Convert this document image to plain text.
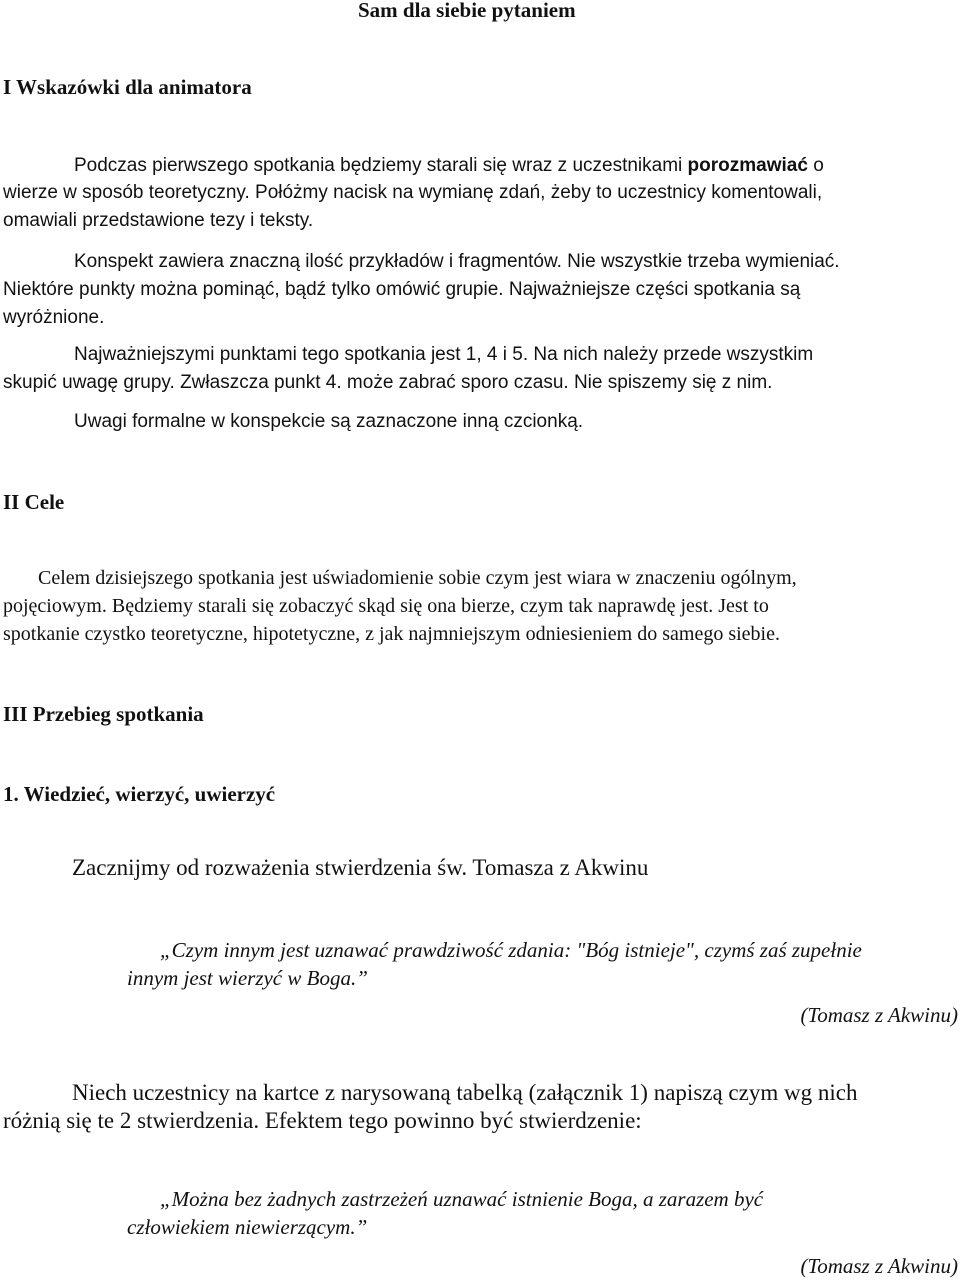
Sam dla siebie pytaniem
I Wskazówki dla animatora
Podczas pierwszego spotkania będziemy starali się wraz z uczestnikami porozmawiać o
wierze w sposób teoretyczny. Połóżmy nacisk na wymianę zdań, żeby to uczestnicy komentowali,
omawiali przedstawione tezy i teksty.
Konspekt zawiera znaczną ilość przykładów i fragmentów. Nie wszystkie trzeba wymieniać.
Niektóre punkty można pominąć, bądź tylko omówić grupie. Najważniejsze części spotkania są
wyróżnione.
Najważniejszymi punktami tego spotkania jest 1, 4 i 5. Na nich należy przede wszystkim
skupić uwagę grupy. Zwłaszcza punkt 4. może zabrać sporo czasu. Nie spiszemy się z nim.
Uwagi formalne w konspekcie są zaznaczone inną czcionką.
II Cele
Celem dzisiejszego spotkania jest uświadomienie sobie czym jest wiara w znaczeniu ogólnym,
pojęciowym. Będziemy starali się zobaczyć skąd się ona bierze, czym tak naprawdę jest. Jest to
spotkanie czystko teoretyczne, hipotetyczne, z jak najmniejszym odniesieniem do samego siebie.
III Przebieg spotkania
1. Wiedzieć, wierzyć, uwierzyć
Zacznijmy od rozważenia stwierdzenia św. Tomasza z Akwinu
„Czym innym jest uznawać prawdziwość zdania: "Bóg istnieje", czymś zaś zupełnie
innym jest wierzyć w Boga.”
(Tomasz z Akwinu)
Niech uczestnicy na kartce z narysowaną tabelką (załącznik 1) napiszą czym wg nich
różnią się te 2 stwierdzenia. Efektem tego powinno być stwierdzenie:
„Można bez żadnych zastrzeżeń uznawać istnienie Boga, a zarazem być
człowiekiem niewierzącym.”
(Tomasz z Akwinu)
